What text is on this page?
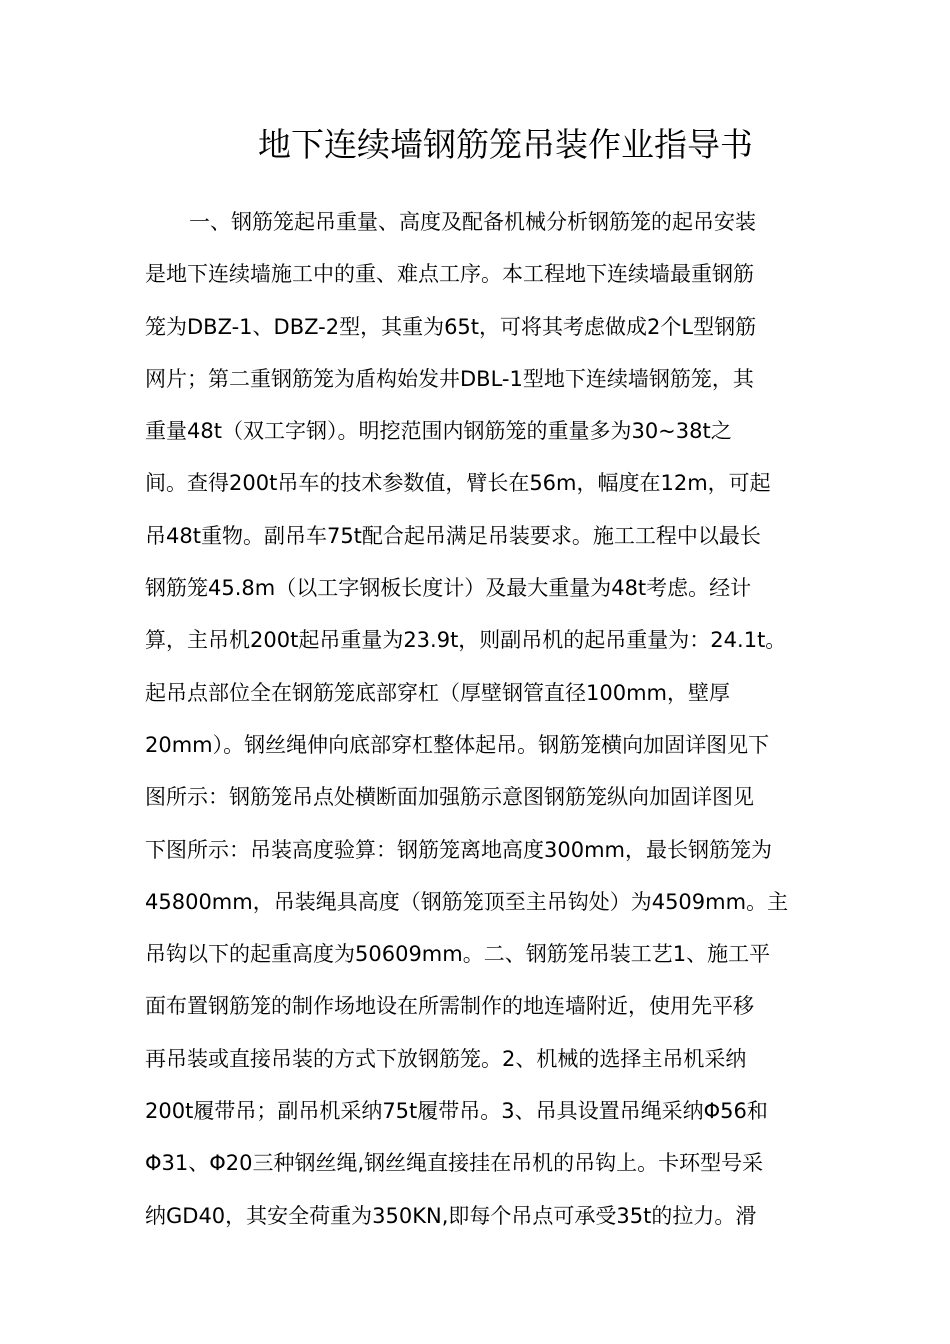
地下连续墙钢筋笼吊装作业指导书
一、钢筋笼起吊重量、高度及配备机械分析钢筋笼的起吊安装
是地下连续墙施工中的重、难点工序。本工程地下连续墙最重钢筋
笼为DBZ-1、DBZ-2型，其重为65t，可将其考虑做成2个L型钢筋
网片；第二重钢筋笼为盾构始发井DBL-1型地下连续墙钢筋笼，其
重量48t（双工字钢）。明挖范围内钢筋笼的重量多为30~38t之
间。查得200t吊车的技术参数值，臂长在56m，幅度在12m，可起
吊48t重物。副吊车75t配合起吊满足吊装要求。施工工程中以最长
钢筋笼45.8m（以工字钢板长度计）及最大重量为48t考虑。经计
算，主吊机200t起吊重量为23.9t，则副吊机的起吊重量为：24.1t。
起吊点部位全在钢筋笼底部穿杠（厚壁钢管直径100mm，壁厚
20mm）。钢丝绳伸向底部穿杠整体起吊。钢筋笼横向加固详图见下
图所示：钢筋笼吊点处横断面加强筋示意图钢筋笼纵向加固详图见
下图所示：吊装高度验算：钢筋笼离地高度300mm，最长钢筋笼为
45800mm，吊装绳具高度（钢筋笼顶至主吊钩处）为4509mm。主
吊钩以下的起重高度为50609mm。二、钢筋笼吊装工艺1、施工平
面布置钢筋笼的制作场地设在所需制作的地连墙附近，使用先平移
再吊装或直接吊装的方式下放钢筋笼。2、机械的选择主吊机采纳
200t履带吊；副吊机采纳75t履带吊。3、吊具设置吊绳采纳Φ56和
Φ31、Φ20三种钢丝绳,钢丝绳直接挂在吊机的吊钩上。卡环型号采
纳GD40，其安全荷重为350KN,即每个吊点可承受35t的拉力。滑
